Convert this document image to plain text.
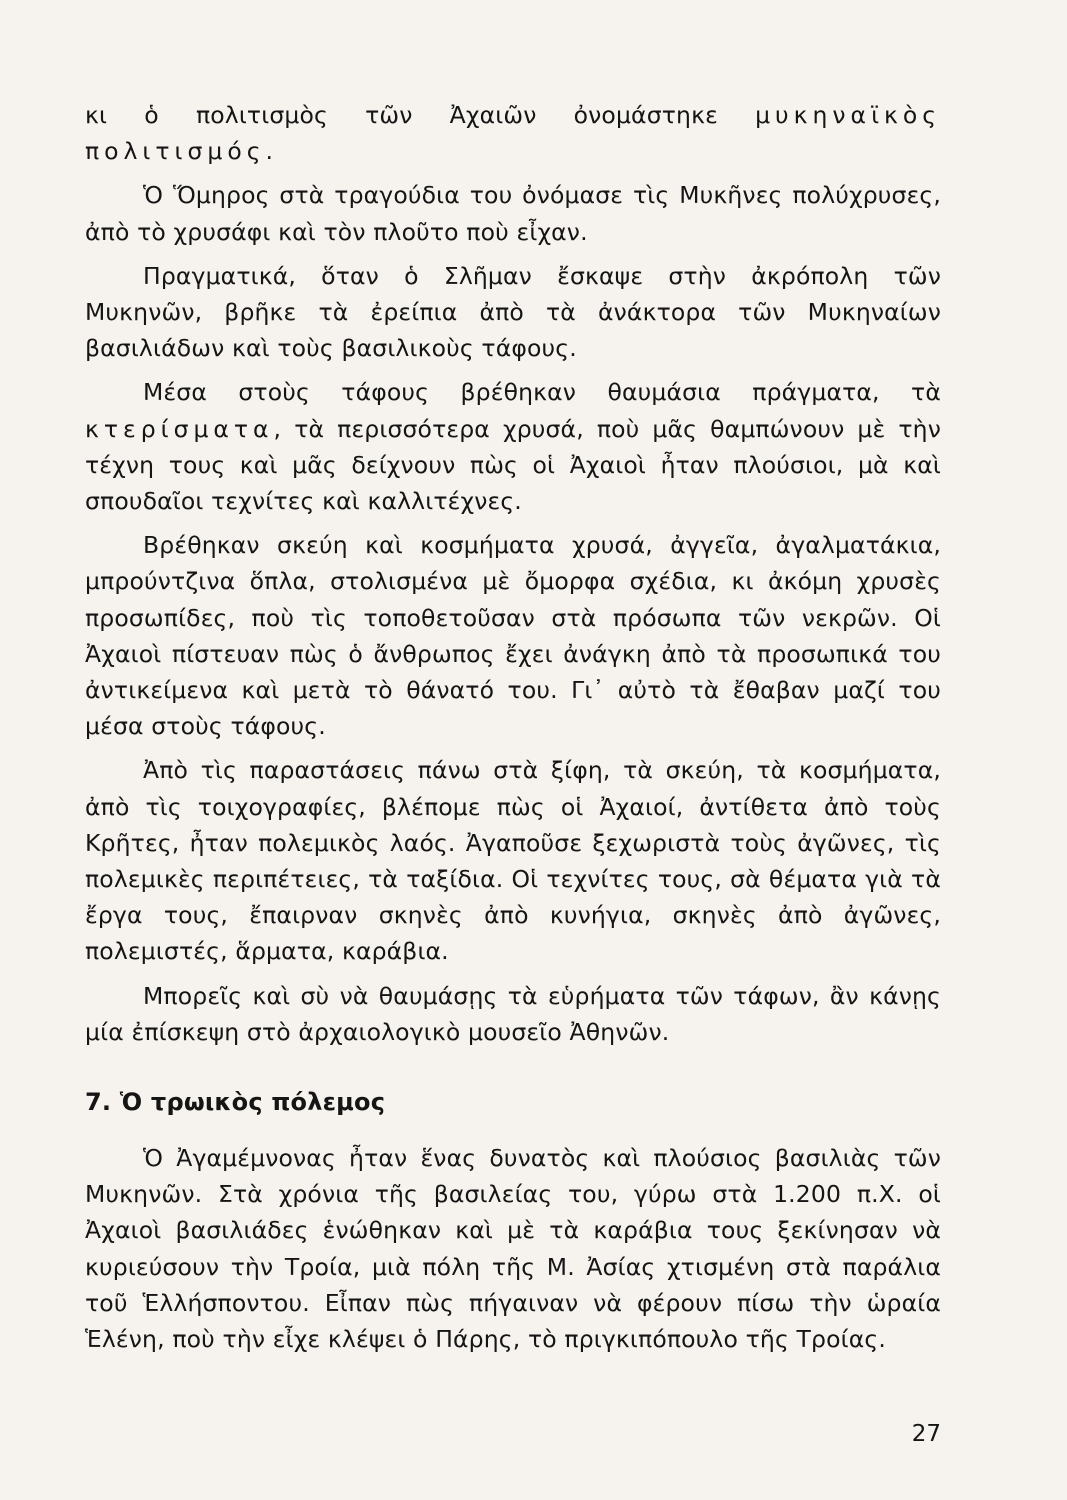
κι ὁ πολιτισμὸς τῶν Ἀχαιῶν ὀνομάστηκε μυκηναϊκὸς πολιτισμός.

Ὁ Ὅμηρος στὰ τραγούδια του ὀνόμασε τὶς Μυκῆνες πολύχρυσες, ἀπὸ τὸ χρυσάφι καὶ τὸν πλοῦτο ποὺ εἶχαν.

Πραγματικά, ὅταν ὁ Σλῆμαν ἔσκαψε στὴν ἀκρόπολη τῶν Μυκηνῶν, βρῆκε τὰ ἐρείπια ἀπὸ τὰ ἀνάκτορα τῶν Μυκηναίων βασιλιάδων καὶ τοὺς βασιλικοὺς τάφους.

Μέσα στοὺς τάφους βρέθηκαν θαυμάσια πράγματα, τὰ κτερίσματα, τὰ περισσότερα χρυσά, ποὺ μᾶς θαμπώνουν μὲ τὴν τέχνη τους καὶ μᾶς δείχνουν πὼς οἱ Ἀχαιοὶ ἦταν πλούσιοι, μὰ καὶ σπουδαῖοι τεχνίτες καὶ καλλιτέχνες.

Βρέθηκαν σκεύη καὶ κοσμήματα χρυσά, ἀγγεῖα, ἀγαλματάκια, μπρούντζινα ὅπλα, στολισμένα μὲ ὄμορφα σχέδια, κι ἀκόμη χρυσὲς προσωπίδες, ποὺ τὶς τοποθετοῦσαν στὰ πρόσωπα τῶν νεκρῶν. Οἱ Ἀχαιοὶ πίστευαν πὼς ὁ ἄνθρωπος ἔχει ἀνάγκη ἀπὸ τὰ προσωπικά του ἀντικείμενα καὶ μετὰ τὸ θάνατό του. Γι᾽ αὐτὸ τὰ ἔθαβαν μαζί του μέσα στοὺς τάφους.

Ἀπὸ τὶς παραστάσεις πάνω στὰ ξίφη, τὰ σκεύη, τὰ κοσμήματα, ἀπὸ τὶς τοιχογραφίες, βλέπομε πὼς οἱ Ἀχαιοί, ἀντίθετα ἀπὸ τοὺς Κρῆτες, ἦταν πολεμικὸς λαός. Ἀγαποῦσε ξεχωριστὰ τοὺς ἀγῶνες, τὶς πολεμικὲς περιπέτειες, τὰ ταξίδια. Οἱ τεχνίτες τους, σὰ θέματα γιὰ τὰ ἔργα τους, ἔπαιρναν σκηνὲς ἀπὸ κυνήγια, σκηνὲς ἀπὸ ἀγῶνες, πολεμιστές, ἅρματα, καράβια.

Μπορεῖς καὶ σὺ νὰ θαυμάσῃς τὰ εὑρήματα τῶν τάφων, ἂν κάνῃς μία ἐπίσκεψη στὸ ἀρχαιολογικὸ μουσεῖο Ἀθηνῶν.

7. Ὁ τρωικὸς πόλεμος

Ὁ Ἀγαμέμνονας ἦταν ἕνας δυνατὸς καὶ πλούσιος βασιλιὰς τῶν Μυκηνῶν. Στὰ χρόνια τῆς βασιλείας του, γύρω στὰ 1.200 π.Χ. οἱ Ἀχαιοὶ βασιλιάδες ἑνώθηκαν καὶ μὲ τὰ καράβια τους ξεκίνησαν νὰ κυριεύσουν τὴν Τροία, μιὰ πόλη τῆς Μ. Ἀσίας χτισμένη στὰ παράλια τοῦ Ἑλλήσποντου. Εἶπαν πὼς πήγαιναν νὰ φέρουν πίσω τὴν ὡραία Ἑλένη, ποὺ τὴν εἶχε κλέψει ὁ Πάρης, τὸ πριγκιπόπουλο τῆς Τροίας.

27
